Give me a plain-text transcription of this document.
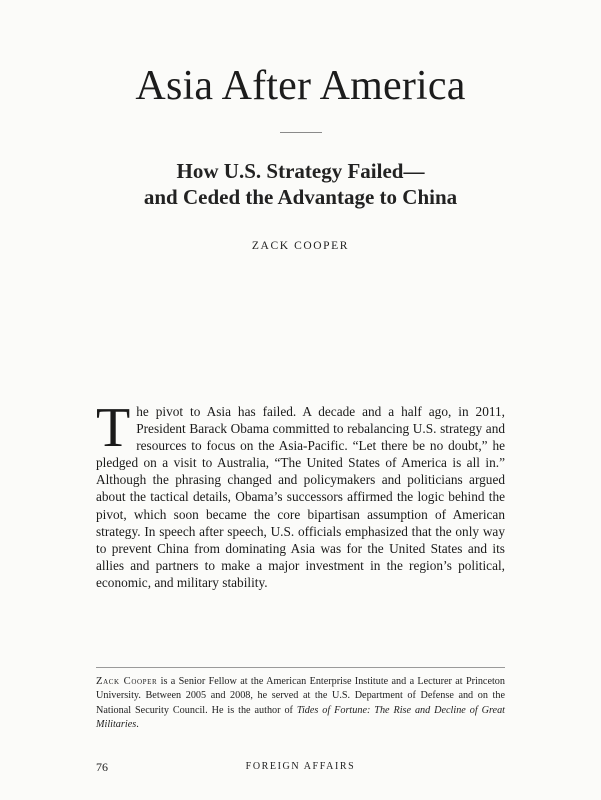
Asia After America
How U.S. Strategy Failed—
and Ceded the Advantage to China
ZACK COOPER

The pivot to Asia has failed. A decade and a half ago, in 2011, President Barack Obama committed to rebalancing U.S. strategy and resources to focus on the Asia-Pacific. “Let there be no doubt,” he pledged on a visit to Australia, “The United States of America is all in.” Although the phrasing changed and policymakers and politicians argued about the tactical details, Obama’s successors affirmed the logic behind the pivot, which soon became the core bipartisan assumption of American strategy. In speech after speech, U.S. officials emphasized that the only way to prevent China from dominating Asia was for the United States and its allies and partners to make a major investment in the region’s political, economic, and military stability.

Zack Cooper is a Senior Fellow at the American Enterprise Institute and a Lecturer at Princeton University. Between 2005 and 2008, he served at the U.S. Department of Defense and on the National Security Council. He is the author of Tides of Fortune: The Rise and Decline of Great Militaries.

76	FOREIGN AFFAIRS
